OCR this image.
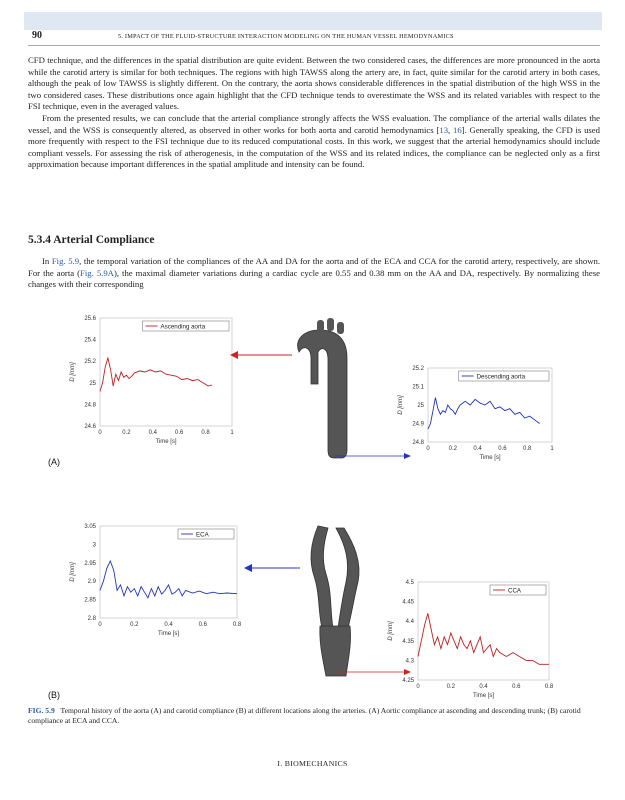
90	5. IMPACT OF THE FLUID-STRUCTURE INTERACTION MODELING ON THE HUMAN VESSEL HEMODYNAMICS

CFD technique, and the differences in the spatial distribution are quite evident. Between the two considered cases, the differences are more pronounced in the aorta while the carotid artery is similar for both techniques. The regions with high TAWSS along the artery are, in fact, quite similar for the carotid artery in both cases, although the peak of low TAWSS is slightly different. On the contrary, the aorta shows considerable differences in the spatial distribution of the high WSS in the two considered cases. These distributions once again highlight that the CFD technique tends to overestimate the WSS and its related variables with respect to the FSI technique, even in the averaged values.

From the presented results, we can conclude that the arterial compliance strongly affects the WSS evaluation. The compliance of the arterial walls dilates the vessel, and the WSS is consequently altered, as observed in other works for both aorta and carotid hemodynamics [13, 16]. Generally speaking, the CFD is used more frequently with respect to the FSI technique due to its reduced computational costs. In this work, we suggest that the arterial hemodynamics should include compliant vessels. For assessing the risk of atherogenesis, in the computation of the WSS and its related indices, the compliance can be neglected only as a first approximation because important differences in the spatial amplitude and intensity can be found.

5.3.4 Arterial Compliance

In Fig. 5.9, the temporal variation of the compliances of the AA and DA for the aorta and of the ECA and CCA for the carotid artery, respectively, are shown. For the aorta (Fig. 5.9A), the maximal diameter variations during a cardiac cycle are 0.55 and 0.38 mm on the AA and DA, respectively. By normalizing these changes with their corresponding

0	0.2	0.4	0.6	0.8	1
24.6
24.8
25
25.2
25.4
25.6
Time [s]
D [mm]
Ascending aorta
0	0.2	0.4	0.6	0.8	1
24.8
24.9
25
25.1
25.2
Time [s]
D [mm]
Descending aorta
0	0.2	0.4	0.6	0.8
2.8
2.85
2.9
2.95
3
3.05
Time [s]
D [mm]
ECA
0	0.2	0.4	0.6	0.8
4.25
4.3
4.35
4.4
4.45
4.5
Time [s]
D [mm]
CCA
(A)
(B)
FIG. 5.9 Temporal history of the aorta (A) and carotid compliance (B) at different locations along the arteries. (A) Aortic compliance at ascending and descending trunk; (B) carotid compliance at ECA and CCA.
I. BIOMECHANICS
